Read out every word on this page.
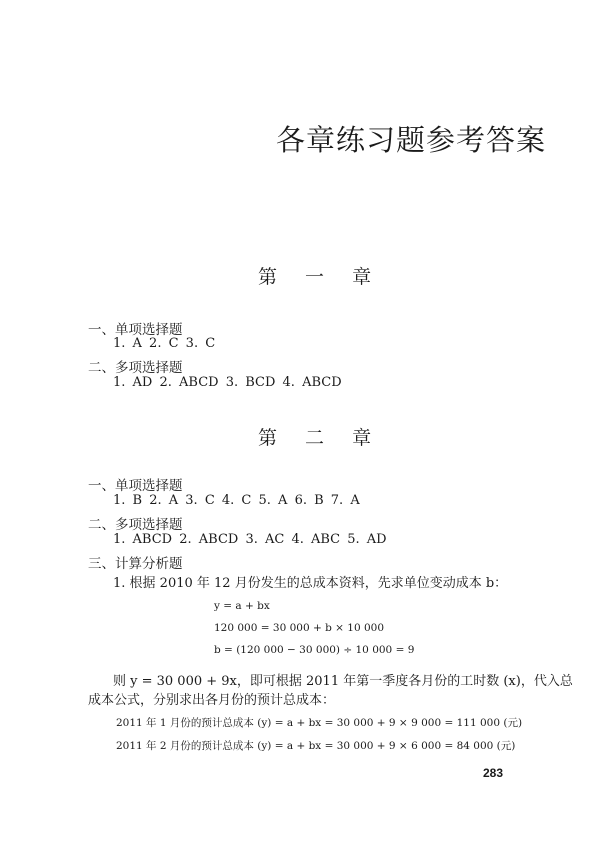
各章练习题参考答案
第 一 章
一、单项选择题
1. A 2. C 3. C
二、多项选择题
1. AD 2. ABCD 3. BCD 4. ABCD
第 二 章
一、单项选择题
1. B 2. A 3. C 4. C 5. A 6. B 7. A
二、多项选择题
1. ABCD 2. ABCD 3. AC 4. ABC 5. AD
三、计算分析题
1. 根据 2010 年 12 月份发生的总成本资料，先求单位变动成本 b：
y = a + bx
120 000 = 30 000 + b × 10 000
b = (120 000 − 30 000) ÷ 10 000 = 9
则 y = 30 000 + 9x，即可根据 2011 年第一季度各月份的工时数 (x)，代入总
成本公式，分别求出各月份的预计总成本：
2011 年 1 月份的预计总成本 (y) = a + bx = 30 000 + 9 × 9 000 = 111 000 (元)
2011 年 2 月份的预计总成本 (y) = a + bx = 30 000 + 9 × 6 000 = 84 000 (元)
283
